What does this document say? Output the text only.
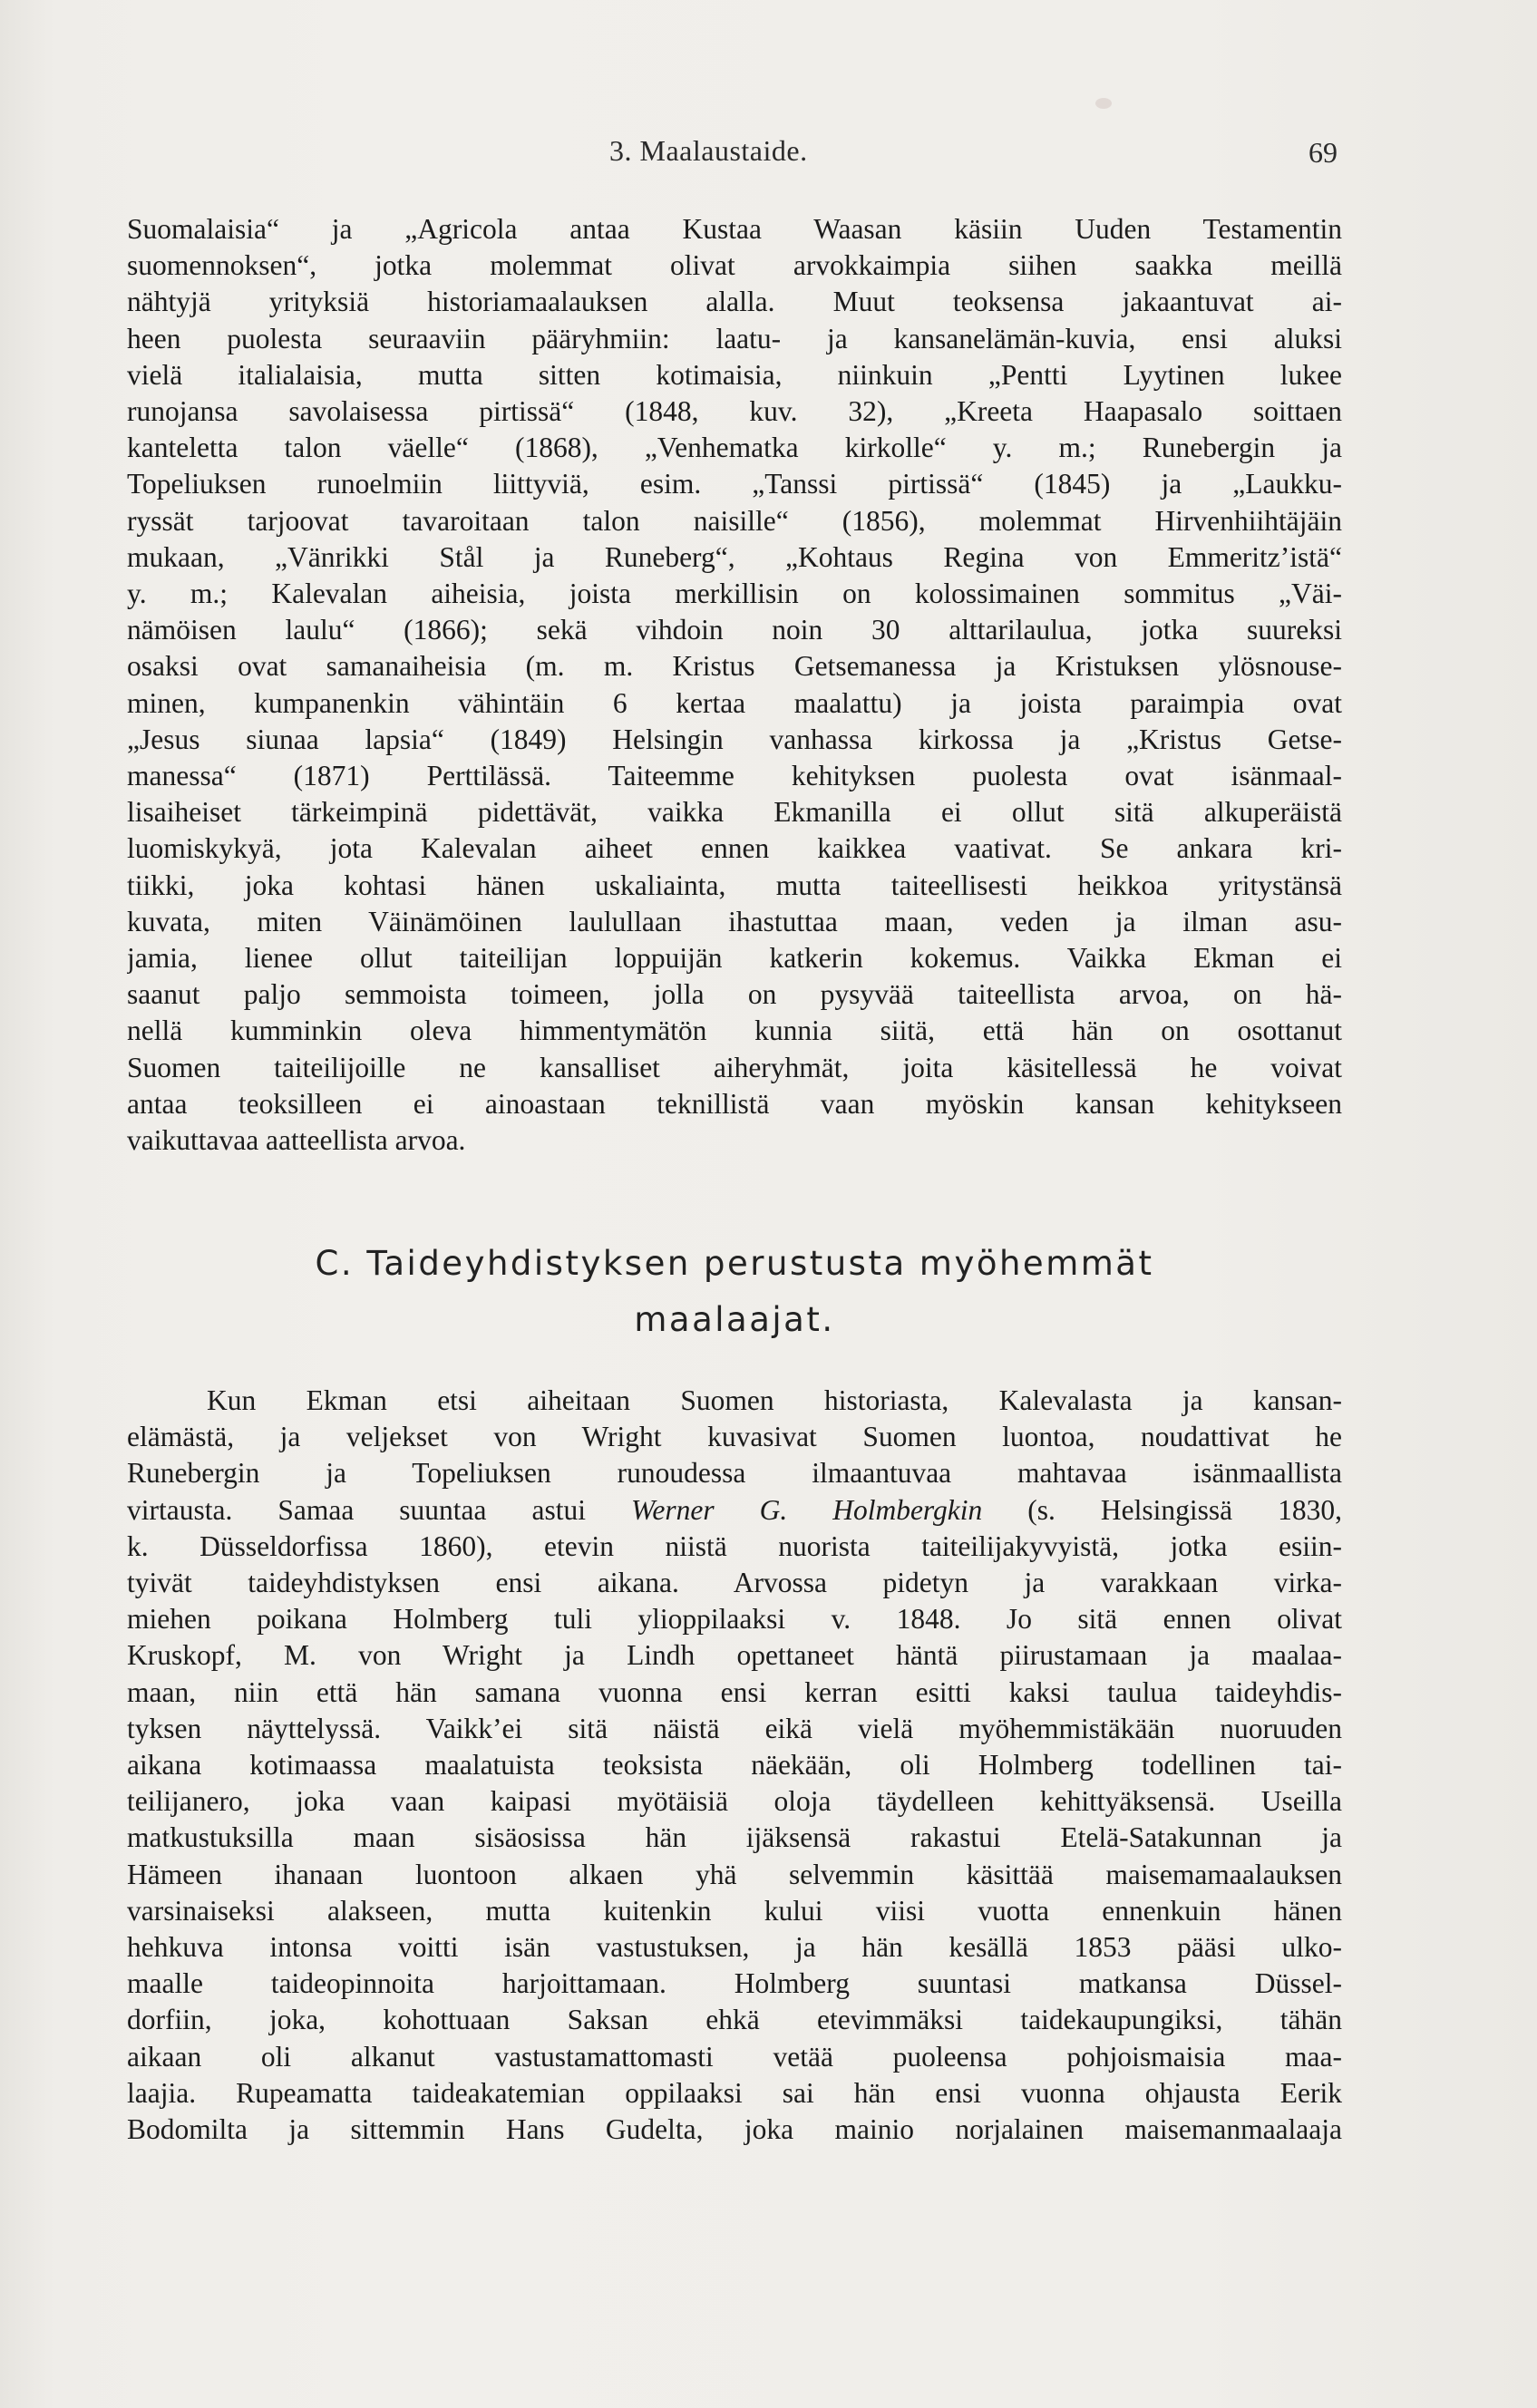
3. Maalaustaide.	69
Suomalaisia“ ja „Agricola antaa Kustaa Waasan käsiin Uuden Testamentin
suomennoksen“, jotka molemmat olivat arvokkaimpia siihen saakka meillä
nähtyjä yrityksiä historiamaalauksen alalla. Muut teoksensa jakaantuvat ai-
heen puolesta seuraaviin pääryhmiin: laatu- ja kansanelämän-kuvia, ensi aluksi
vielä italialaisia, mutta sitten kotimaisia, niinkuin „Pentti Lyytinen lukee
runojansa savolaisessa pirtissä“ (1848, kuv. 32), „Kreeta Haapasalo soittaen
kanteletta talon väelle“ (1868), „Venhematka kirkolle“ y. m.; Runebergin ja
Topeliuksen runoelmiin liittyviä, esim. „Tanssi pirtissä“ (1845) ja „Laukku-
ryssät tarjoovat tavaroitaan talon naisille“ (1856), molemmat Hirvenhiihtäjäin
mukaan, „Vänrikki Stål ja Runeberg“, „Kohtaus Regina von Emmeritz’istä“
y. m.; Kalevalan aiheisia, joista merkillisin on kolossimainen sommitus „Väi-
nämöisen laulu“ (1866); sekä vihdoin noin 30 alttarilaulua, jotka suureksi
osaksi ovat samanaiheisia (m. m. Kristus Getsemanessa ja Kristuksen ylösnouse-
minen, kumpanenkin vähintäin 6 kertaa maalattu) ja joista paraimpia ovat
„Jesus siunaa lapsia“ (1849) Helsingin vanhassa kirkossa ja „Kristus Getse-
manessa“ (1871) Perttilässä. Taiteemme kehityksen puolesta ovat isänmaal-
lisaiheiset tärkeimpinä pidettävät, vaikka Ekmanilla ei ollut sitä alkuperäistä
luomiskykyä, jota Kalevalan aiheet ennen kaikkea vaativat. Se ankara kri-
tiikki, joka kohtasi hänen uskaliainta, mutta taiteellisesti heikkoa yritystänsä
kuvata, miten Väinämöinen laulullaan ihastuttaa maan, veden ja ilman asu-
jamia, lienee ollut taiteilijan loppuijän katkerin kokemus. Vaikka Ekman ei
saanut paljo semmoista toimeen, jolla on pysyvää taiteellista arvoa, on hä-
nellä kumminkin oleva himmentymätön kunnia siitä, että hän on osottanut
Suomen taiteilijoille ne kansalliset aiheryhmät, joita käsitellessä he voivat
antaa teoksilleen ei ainoastaan teknillistä vaan myöskin kansan kehitykseen
vaikuttavaa aatteellista arvoa.
C. Taideyhdistyksen perustusta myöhemmät
maalaajat.
Kun Ekman etsi aiheitaan Suomen historiasta, Kalevalasta ja kansan-
elämästä, ja veljekset von Wright kuvasivat Suomen luontoa, noudattivat he
Runebergin ja Topeliuksen runoudessa ilmaantuvaa mahtavaa isänmaallista
virtausta. Samaa suuntaa astui Werner G. Holmbergkin (s. Helsingissä 1830,
k. Düsseldorfissa 1860), etevin niistä nuorista taiteilijakyvyistä, jotka esiin-
tyivät taideyhdistyksen ensi aikana. Arvossa pidetyn ja varakkaan virka-
miehen poikana Holmberg tuli ylioppilaaksi v. 1848. Jo sitä ennen olivat
Kruskopf, M. von Wright ja Lindh opettaneet häntä piirustamaan ja maalaa-
maan, niin että hän samana vuonna ensi kerran esitti kaksi taulua taideyhdis-
tyksen näyttelyssä. Vaikk’ei sitä näistä eikä vielä myöhemmistäkään nuoruuden
aikana kotimaassa maalatuista teoksista näekään, oli Holmberg todellinen tai-
teilijanero, joka vaan kaipasi myötäisiä oloja täydelleen kehittyäksensä. Useilla
matkustuksilla maan sisäosissa hän ijäksensä rakastui Etelä-Satakunnan ja
Hämeen ihanaan luontoon alkaen yhä selvemmin käsittää maisemamaalauksen
varsinaiseksi alakseen, mutta kuitenkin kului viisi vuotta ennenkuin hänen
hehkuva intonsa voitti isän vastustuksen, ja hän kesällä 1853 pääsi ulko-
maalle taideopinnoita harjoittamaan. Holmberg suuntasi matkansa Düssel-
dorfiin, joka, kohottuaan Saksan ehkä etevimmäksi taidekaupungiksi, tähän
aikaan oli alkanut vastustamattomasti vetää puoleensa pohjoismaisia maa-
laajia. Rupeamatta taideakatemian oppilaaksi sai hän ensi vuonna ohjausta Eerik
Bodomilta ja sittemmin Hans Gudelta, joka mainio norjalainen maisemanmaalaaja
